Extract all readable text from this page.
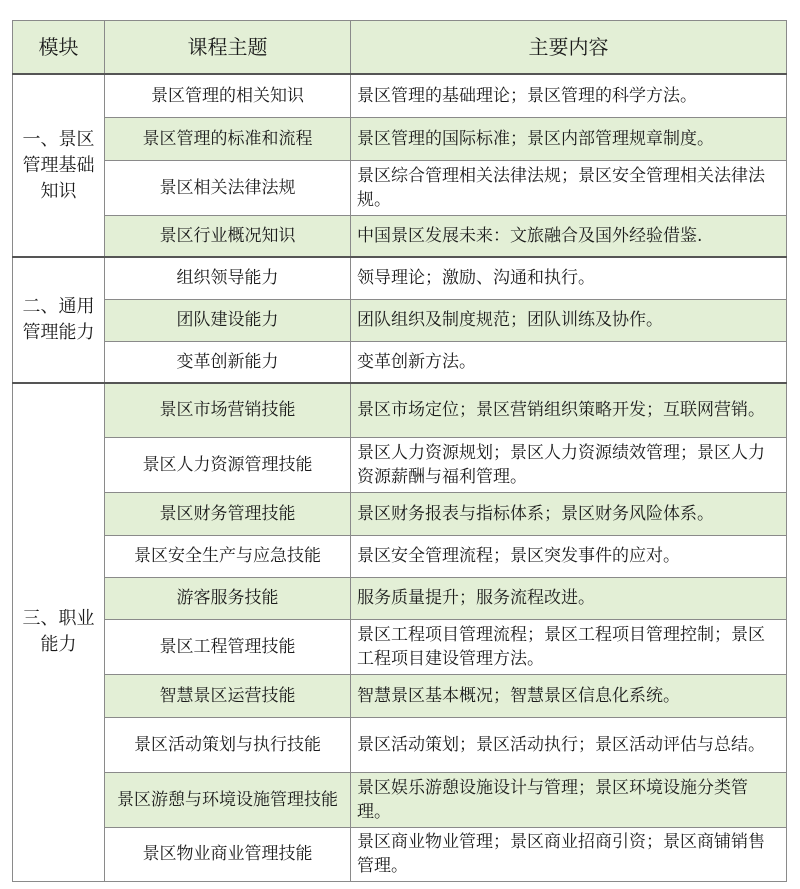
模块	课程主题	主要内容
一、景区管理基础知识	景区管理的相关知识	景区管理的基础理论；景区管理的科学方法。
	景区管理的标准和流程	景区管理的国际标准；景区内部管理规章制度。
	景区相关法律法规	景区综合管理相关法律法规；景区安全管理相关法律法规。
	景区行业概况知识	中国景区发展未来：文旅融合及国外经验借鉴.
二、通用管理能力	组织领导能力	领导理论；激励、沟通和执行。
	团队建设能力	团队组织及制度规范；团队训练及协作。
	变革创新能力	变革创新方法。
三、职业能力	景区市场营销技能	景区市场定位；景区营销组织策略开发；互联网营销。
	景区人力资源管理技能	景区人力资源规划；景区人力资源绩效管理；景区人力资源薪酬与福利管理。
	景区财务管理技能	景区财务报表与指标体系；景区财务风险体系。
	景区安全生产与应急技能	景区安全管理流程；景区突发事件的应对。
	游客服务技能	服务质量提升；服务流程改进。
	景区工程管理技能	景区工程项目管理流程；景区工程项目管理控制；景区工程项目建设管理方法。
	智慧景区运营技能	智慧景区基本概况；智慧景区信息化系统。
	景区活动策划与执行技能	景区活动策划；景区活动执行；景区活动评估与总结。
	景区游憩与环境设施管理技能	景区娱乐游憩设施设计与管理；景区环境设施分类管理。
	景区物业商业管理技能	景区商业物业管理；景区商业招商引资；景区商铺销售管理。
